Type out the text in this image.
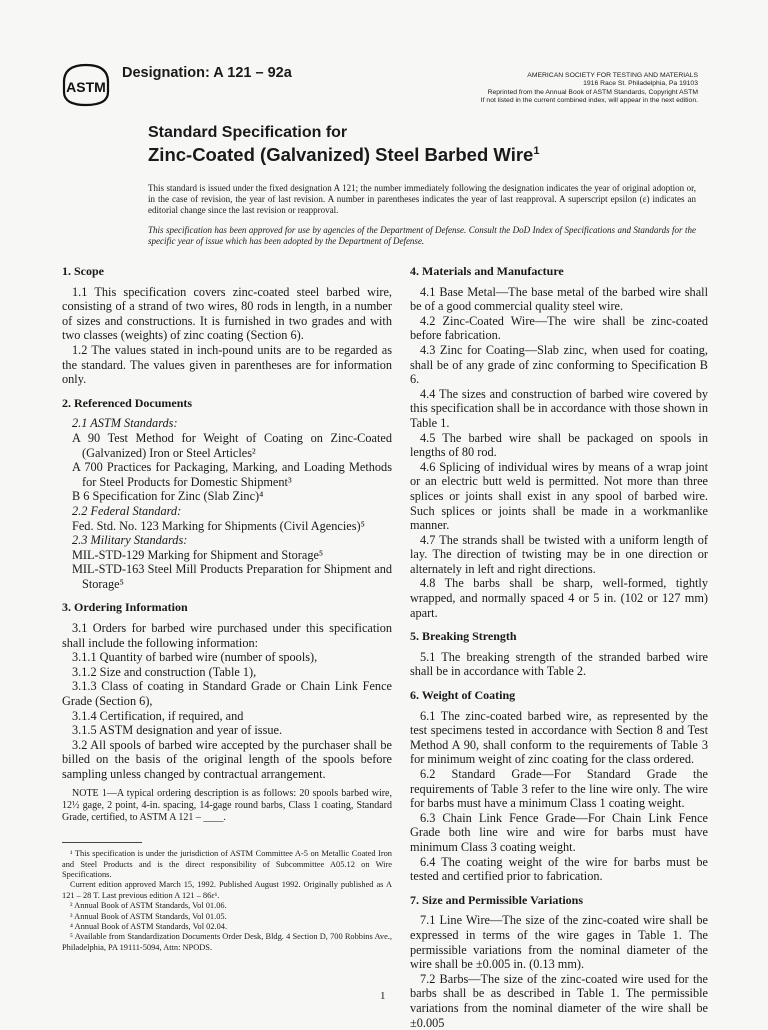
ASTM
Designation: A 121 – 92a	AMERICAN SOCIETY FOR TESTING AND MATERIALS
1916 Race St. Philadelphia, Pa 19103
Reprinted from the Annual Book of ASTM Standards, Copyright ASTM
If not listed in the current combined index, will appear in the next edition.
Standard Specification for
Zinc-Coated (Galvanized) Steel Barbed Wire$^1$
This standard is issued under the fixed designation A 121; the number immediately following the designation indicates the year of original adoption or, in the case of revision, the year of last revision. A number in parentheses indicates the year of last reapproval. A superscript epsilon (ε) indicates an editorial change since the last revision or reapproval.
This specification has been approved for use by agencies of the Department of Defense. Consult the DoD Index of Specifications and Standards for the specific year of issue which has been adopted by the Department of Defense.
1. Scope

1.1 This specification covers zinc-coated steel barbed wire, consisting of a strand of two wires, 80 rods in length, in a number of sizes and constructions. It is furnished in two grades and with two classes (weights) of zinc coating (Section 6).

1.2 The values stated in inch-pound units are to be regarded as the standard. The values given in parentheses are for information only.

2. Referenced Documents

2.1 ASTM Standards:

A 90 Test Method for Weight of Coating on Zinc-Coated (Galvanized) Iron or Steel Articles²

A 700 Practices for Packaging, Marking, and Loading Methods for Steel Products for Domestic Shipment³

B 6 Specification for Zinc (Slab Zinc)⁴

2.2 Federal Standard:

Fed. Std. No. 123 Marking for Shipments (Civil Agencies)⁵

2.3 Military Standards:

MIL-STD-129 Marking for Shipment and Storage⁵

MIL-STD-163 Steel Mill Products Preparation for Shipment and Storage⁵

3. Ordering Information

3.1 Orders for barbed wire purchased under this specification shall include the following information:

3.1.1 Quantity of barbed wire (number of spools),

3.1.2 Size and construction (Table 1),

3.1.3 Class of coating in Standard Grade or Chain Link Fence Grade (Section 6),

3.1.4 Certification, if required, and

3.1.5 ASTM designation and year of issue.

3.2 All spools of barbed wire accepted by the purchaser shall be billed on the basis of the original length of the spools before sampling unless changed by contractual arrangement.

NOTE 1—A typical ordering description is as follows: 20 spools barbed wire, 12½ gage, 2 point, 4-in. spacing, 14-gage round barbs, Class 1 coating, Standard Grade, certified, to ASTM A 121 – ____.

¹ This specification is under the jurisdiction of ASTM Committee A-5 on Metallic Coated Iron and Steel Products and is the direct responsibility of Subcommittee A05.12 on Wire Specifications.

Current edition approved March 15, 1992. Published August 1992. Originally published as A 121 – 28 T. Last previous edition A 121 – 86ε¹.

² Annual Book of ASTM Standards, Vol 01.06.

³ Annual Book of ASTM Standards, Vol 01.05.

⁴ Annual Book of ASTM Standards, Vol 02.04.

⁵ Available from Standardization Documents Order Desk, Bldg. 4 Section D, 700 Robbins Ave., Philadelphia, PA 19111-5094, Attn: NPODS.

4. Materials and Manufacture

4.1 Base Metal—The base metal of the barbed wire shall be of a good commercial quality steel wire.

4.2 Zinc-Coated Wire—The wire shall be zinc-coated before fabrication.

4.3 Zinc for Coating—Slab zinc, when used for coating, shall be of any grade of zinc conforming to Specification B 6.

4.4 The sizes and construction of barbed wire covered by this specification shall be in accordance with those shown in Table 1.

4.5 The barbed wire shall be packaged on spools in lengths of 80 rod.

4.6 Splicing of individual wires by means of a wrap joint or an electric butt weld is permitted. Not more than three splices or joints shall exist in any spool of barbed wire. Such splices or joints shall be made in a workmanlike manner.

4.7 The strands shall be twisted with a uniform length of lay. The direction of twisting may be in one direction or alternately in left and right directions.

4.8 The barbs shall be sharp, well-formed, tightly wrapped, and normally spaced 4 or 5 in. (102 or 127 mm) apart.

5. Breaking Strength

5.1 The breaking strength of the stranded barbed wire shall be in accordance with Table 2.

6. Weight of Coating

6.1 The zinc-coated barbed wire, as represented by the test specimens tested in accordance with Section 8 and Test Method A 90, shall conform to the requirements of Table 3 for minimum weight of zinc coating for the class ordered.

6.2 Standard Grade—For Standard Grade the requirements of Table 3 refer to the line wire only. The wire for barbs must have a minimum Class 1 coating weight.

6.3 Chain Link Fence Grade—For Chain Link Fence Grade both line wire and wire for barbs must have minimum Class 3 coating weight.

6.4 The coating weight of the wire for barbs must be tested and certified prior to fabrication.

7. Size and Permissible Variations

7.1 Line Wire—The size of the zinc-coated wire shall be expressed in terms of the wire gages in Table 1. The permissible variations from the nominal diameter of the wire shall be ±0.005 in. (0.13 mm).

7.2 Barbs—The size of the zinc-coated wire used for the barbs shall be as described in Table 1. The permissible variations from the nominal diameter of the wire shall be ±0.005

1
